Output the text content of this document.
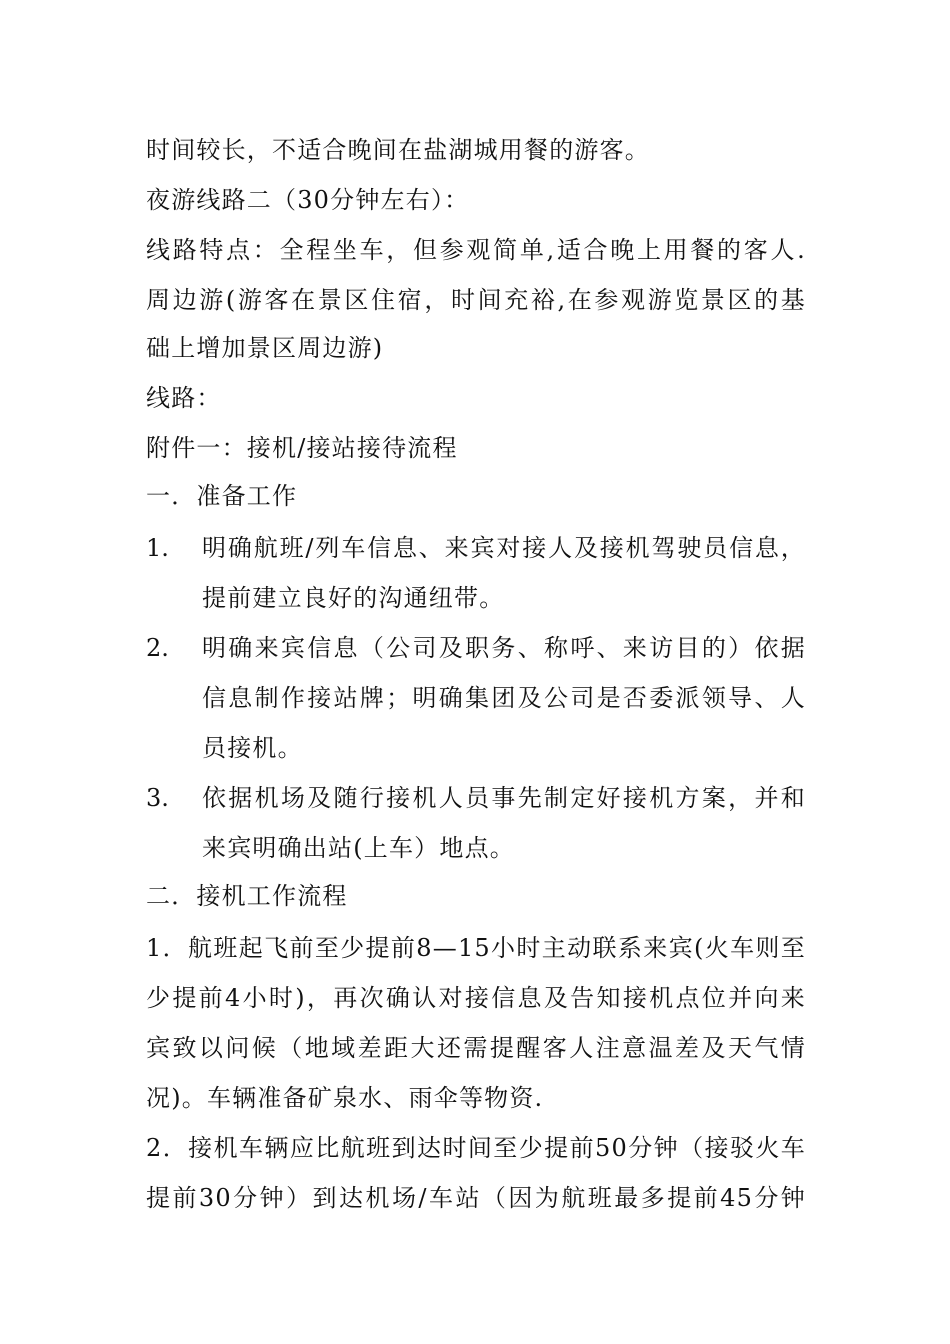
时间较长，不适合晚间在盐湖城用餐的游客。
夜游线路二（30分钟左右）：
线路特点：全程坐车，但参观简单,适合晚上用餐的客人.
周边游(游客在景区住宿，时间充裕,在参观游览景区的基
础上增加景区周边游)
线路：
附件一：接机/接站接待流程
一．准备工作
1. 明确航班/列车信息、来宾对接人及接机驾驶员信息，
提前建立良好的沟通纽带。
2. 明确来宾信息（公司及职务、称呼、来访目的）依据
信息制作接站牌；明确集团及公司是否委派领导、人
员接机。
3. 依据机场及随行接机人员事先制定好接机方案，并和
来宾明确出站(上车）地点。
二．接机工作流程
1．航班起飞前至少提前8—15小时主动联系来宾(火车则至
少提前4小时)，再次确认对接信息及告知接机点位并向来
宾致以问候（地域差距大还需提醒客人注意温差及天气情
况)。车辆准备矿泉水、雨伞等物资.
2．接机车辆应比航班到达时间至少提前50分钟（接驳火车
提前30分钟）到达机场/车站（因为航班最多提前45分钟
